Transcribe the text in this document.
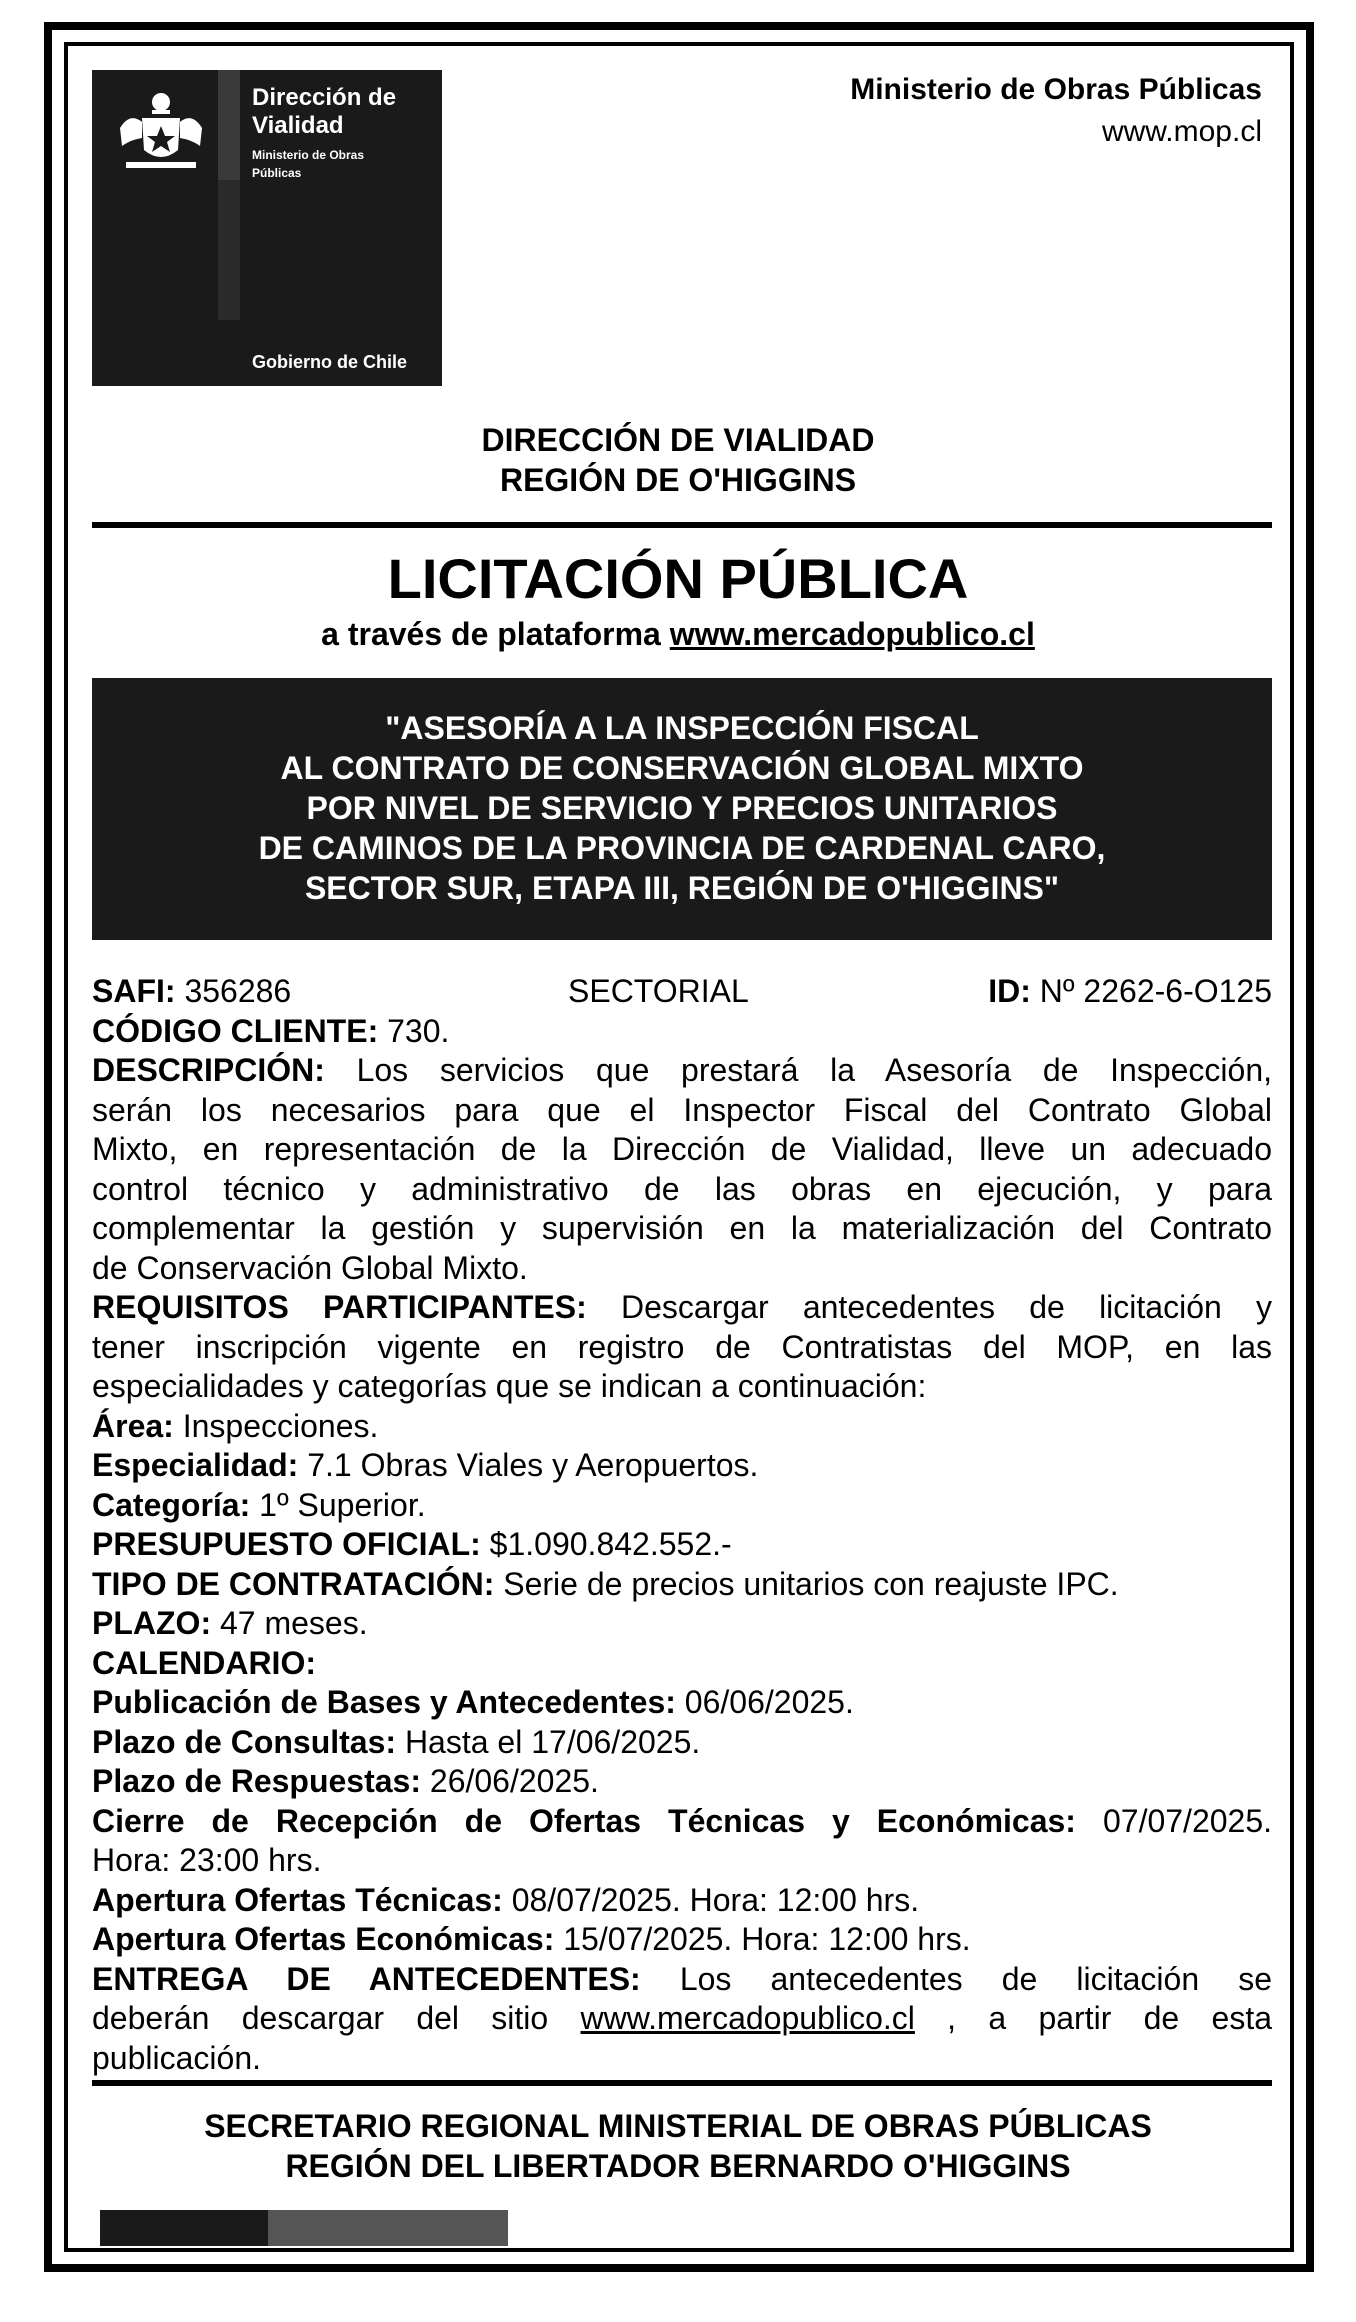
Dirección de
Vialidad
Ministerio de Obras
Públicas
Gobierno de Chile
Ministerio de Obras Públicas
www.mop.cl
DIRECCIÓN DE VIALIDAD
REGIÓN DE O'HIGGINS
LICITACIÓN PÚBLICA
a través de plataforma www.mercadopublico.cl
"ASESORÍA A LA INSPECCIÓN FISCAL
AL CONTRATO DE CONSERVACIÓN GLOBAL MIXTO
POR NIVEL DE SERVICIO Y PRECIOS UNITARIOS
DE CAMINOS DE LA PROVINCIA DE CARDENAL CARO,
SECTOR SUR, ETAPA III, REGIÓN DE O'HIGGINS"
SAFI: 356286	SECTORIAL	ID: Nº 2262-6-O125
CÓDIGO CLIENTE: 730.
DESCRIPCIÓN: Los servicios que prestará la Asesoría de Inspección,
serán los necesarios para que el Inspector Fiscal del Contrato Global
Mixto, en representación de la Dirección de Vialidad, lleve un adecuado
control técnico y administrativo de las obras en ejecución, y para
complementar la gestión y supervisión en la materialización del Contrato
de Conservación Global Mixto.
REQUISITOS PARTICIPANTES: Descargar antecedentes de licitación y
tener inscripción vigente en registro de Contratistas del MOP, en las
especialidades y categorías que se indican a continuación:
Área: Inspecciones.
Especialidad: 7.1 Obras Viales y Aeropuertos.
Categoría: 1º Superior.
PRESUPUESTO OFICIAL: $1.090.842.552.-
TIPO DE CONTRATACIÓN: Serie de precios unitarios con reajuste IPC.
PLAZO: 47 meses.
CALENDARIO:
Publicación de Bases y Antecedentes: 06/06/2025.
Plazo de Consultas: Hasta el 17/06/2025.
Plazo de Respuestas: 26/06/2025.
Cierre de Recepción de Ofertas Técnicas y Económicas: 07/07/2025.
Hora: 23:00 hrs.
Apertura Ofertas Técnicas: 08/07/2025. Hora: 12:00 hrs.
Apertura Ofertas Económicas: 15/07/2025. Hora: 12:00 hrs.
ENTREGA DE ANTECEDENTES: Los antecedentes de licitación se
deberán descargar del sitio www.mercadopublico.cl , a partir de esta
publicación.
SECRETARIO REGIONAL MINISTERIAL DE OBRAS PÚBLICAS
REGIÓN DEL LIBERTADOR BERNARDO O'HIGGINS
